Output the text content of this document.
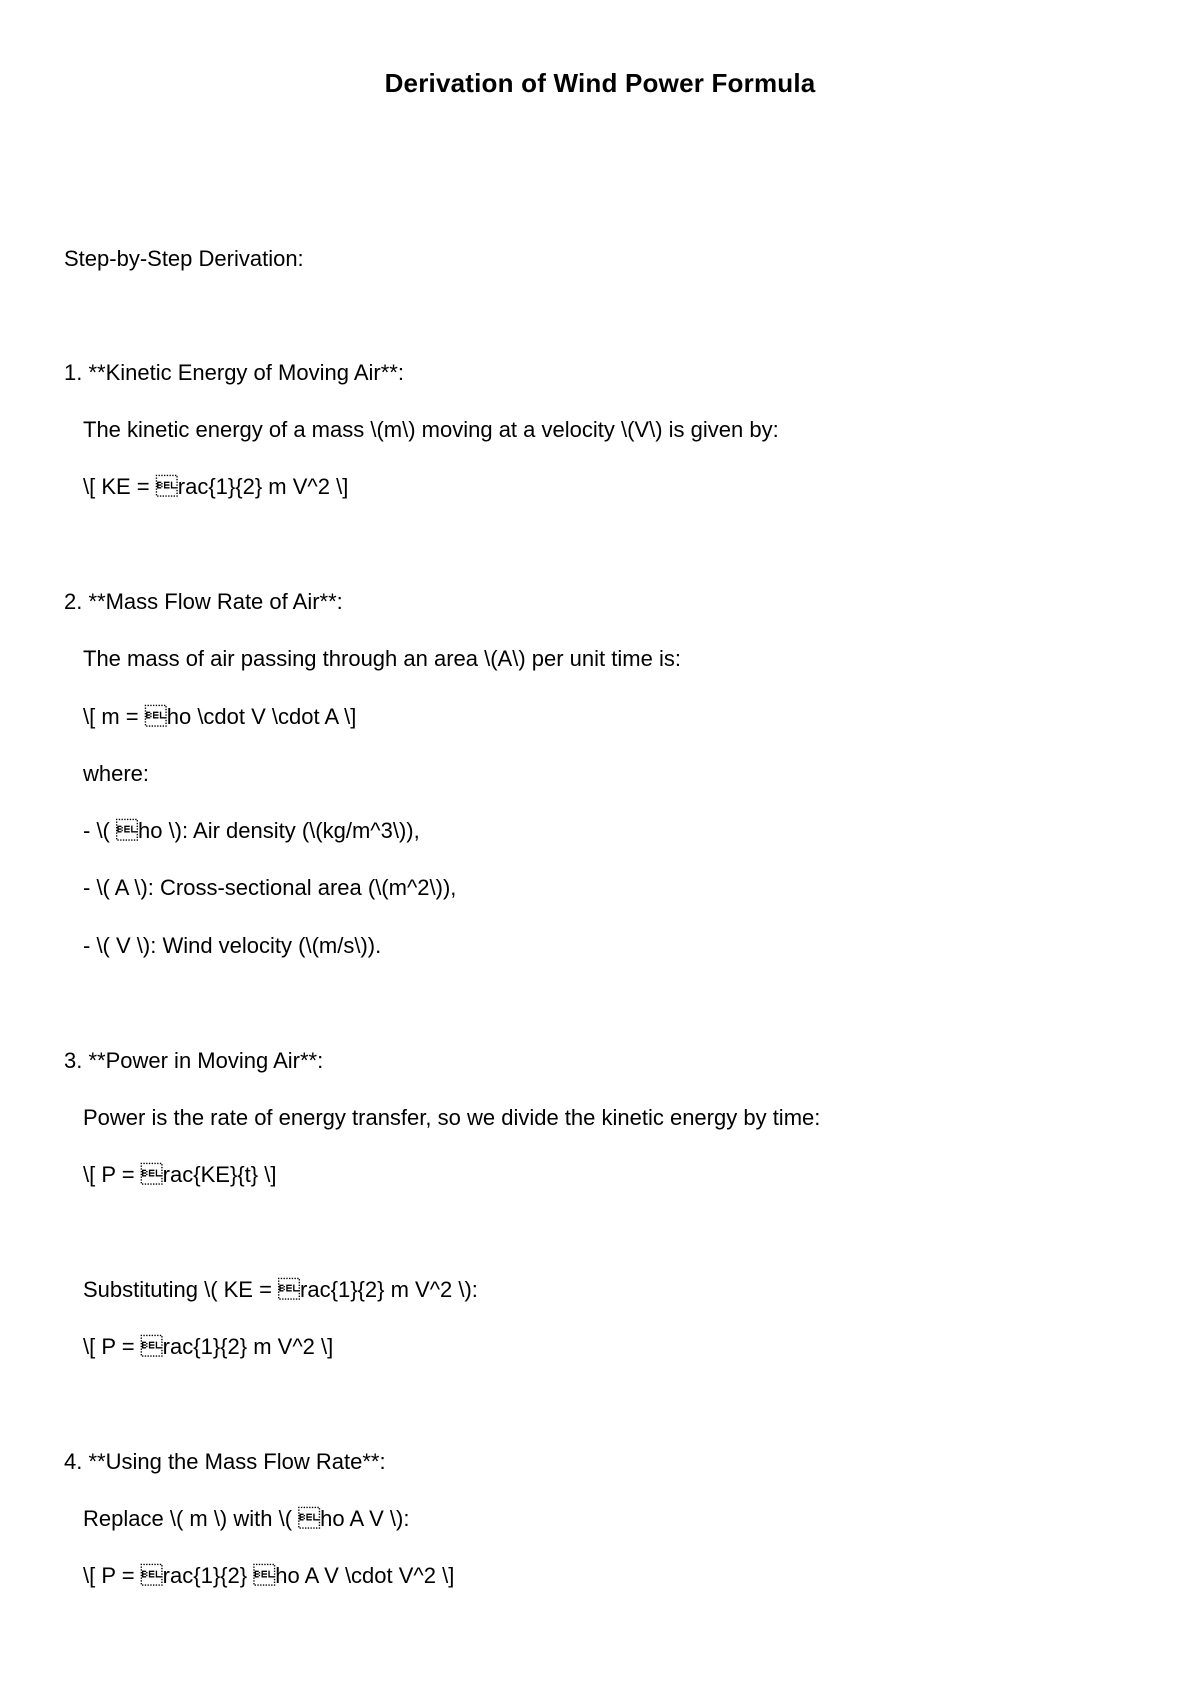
Derivation of Wind Power Formula
Step-by-Step Derivation:
1. **Kinetic Energy of Moving Air**:
The kinetic energy of a mass \(m\) moving at a velocity \(V\) is given by:
\[ KE = rac{1}{2} m V^2 \]
2. **Mass Flow Rate of Air**:
The mass of air passing through an area \(A\) per unit time is:
\[ m = ho \cdot V \cdot A \]
where:
- \( ho \): Air density (\(kg/m^3\)),
- \( A \): Cross-sectional area (\(m^2\)),
- \( V \): Wind velocity (\(m/s\)).
3. **Power in Moving Air**:
Power is the rate of energy transfer, so we divide the kinetic energy by time:
\[ P = rac{KE}{t} \]
Substituting \( KE = rac{1}{2} m V^2 \):
\[ P = rac{1}{2} m V^2 \]
4. **Using the Mass Flow Rate**:
Replace \( m \) with \( ho A V \):
\[ P = rac{1}{2} ho A V \cdot V^2 \]
